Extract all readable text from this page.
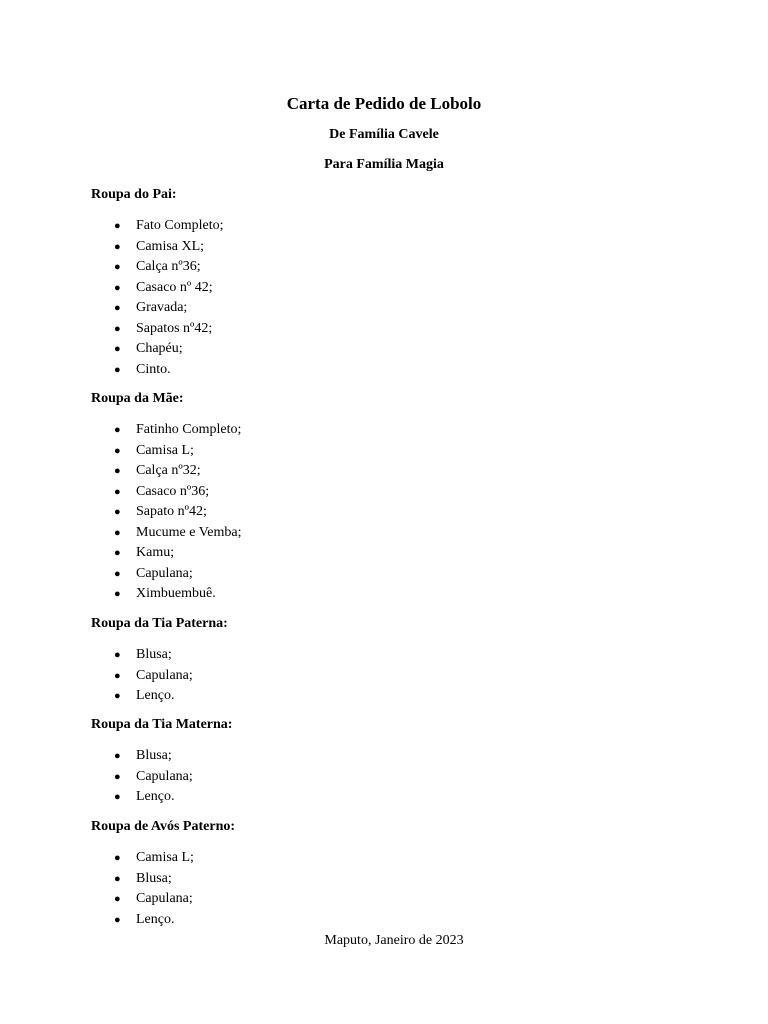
Carta de Pedido de Lobolo
De Família Cavele
Para Família Magia
Roupa do Pai:
● Fato Completo;
● Camisa XL;
● Calça nº36;
● Casaco nº 42;
● Gravada;
● Sapatos nº42;
● Chapéu;
● Cinto.
Roupa da Mãe:
● Fatinho Completo;
● Camisa L;
● Calça nº32;
● Casaco nº36;
● Sapato nº42;
● Mucume e Vemba;
● Kamu;
● Capulana;
● Ximbuembuê.
Roupa da Tia Paterna:
● Blusa;
● Capulana;
● Lenço.
Roupa da Tia Materna:
● Blusa;
● Capulana;
● Lenço.
Roupa de Avós Paterno:
● Camisa L;
● Blusa;
● Capulana;
● Lenço.
Maputo, Janeiro de 2023
